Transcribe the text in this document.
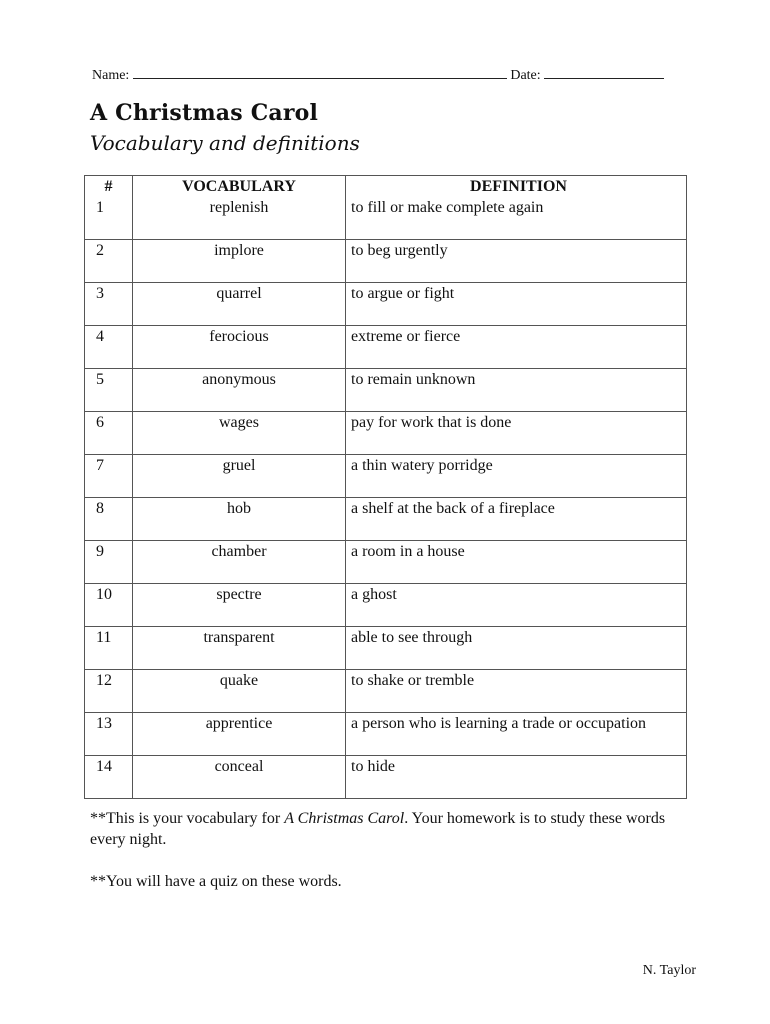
Name:	Date:
A Christmas Carol
Vocabulary and definitions
#	VOCABULARY	DEFINITION
1	replenish	to fill or make complete again
2	implore	to beg urgently
3	quarrel	to argue or fight
4	ferocious	extreme or fierce
5	anonymous	to remain unknown
6	wages	pay for work that is done
7	gruel	a thin watery porridge
8	hob	a shelf at the back of a fireplace
9	chamber	a room in a house
10	spectre	a ghost
11	transparent	able to see through
12	quake	to shake or tremble
13	apprentice	a person who is learning a trade or occupation
14	conceal	to hide

**This is your vocabulary for A Christmas Carol. Your homework is to study these words every night.

**You will have a quiz on these words.

N. Taylor
